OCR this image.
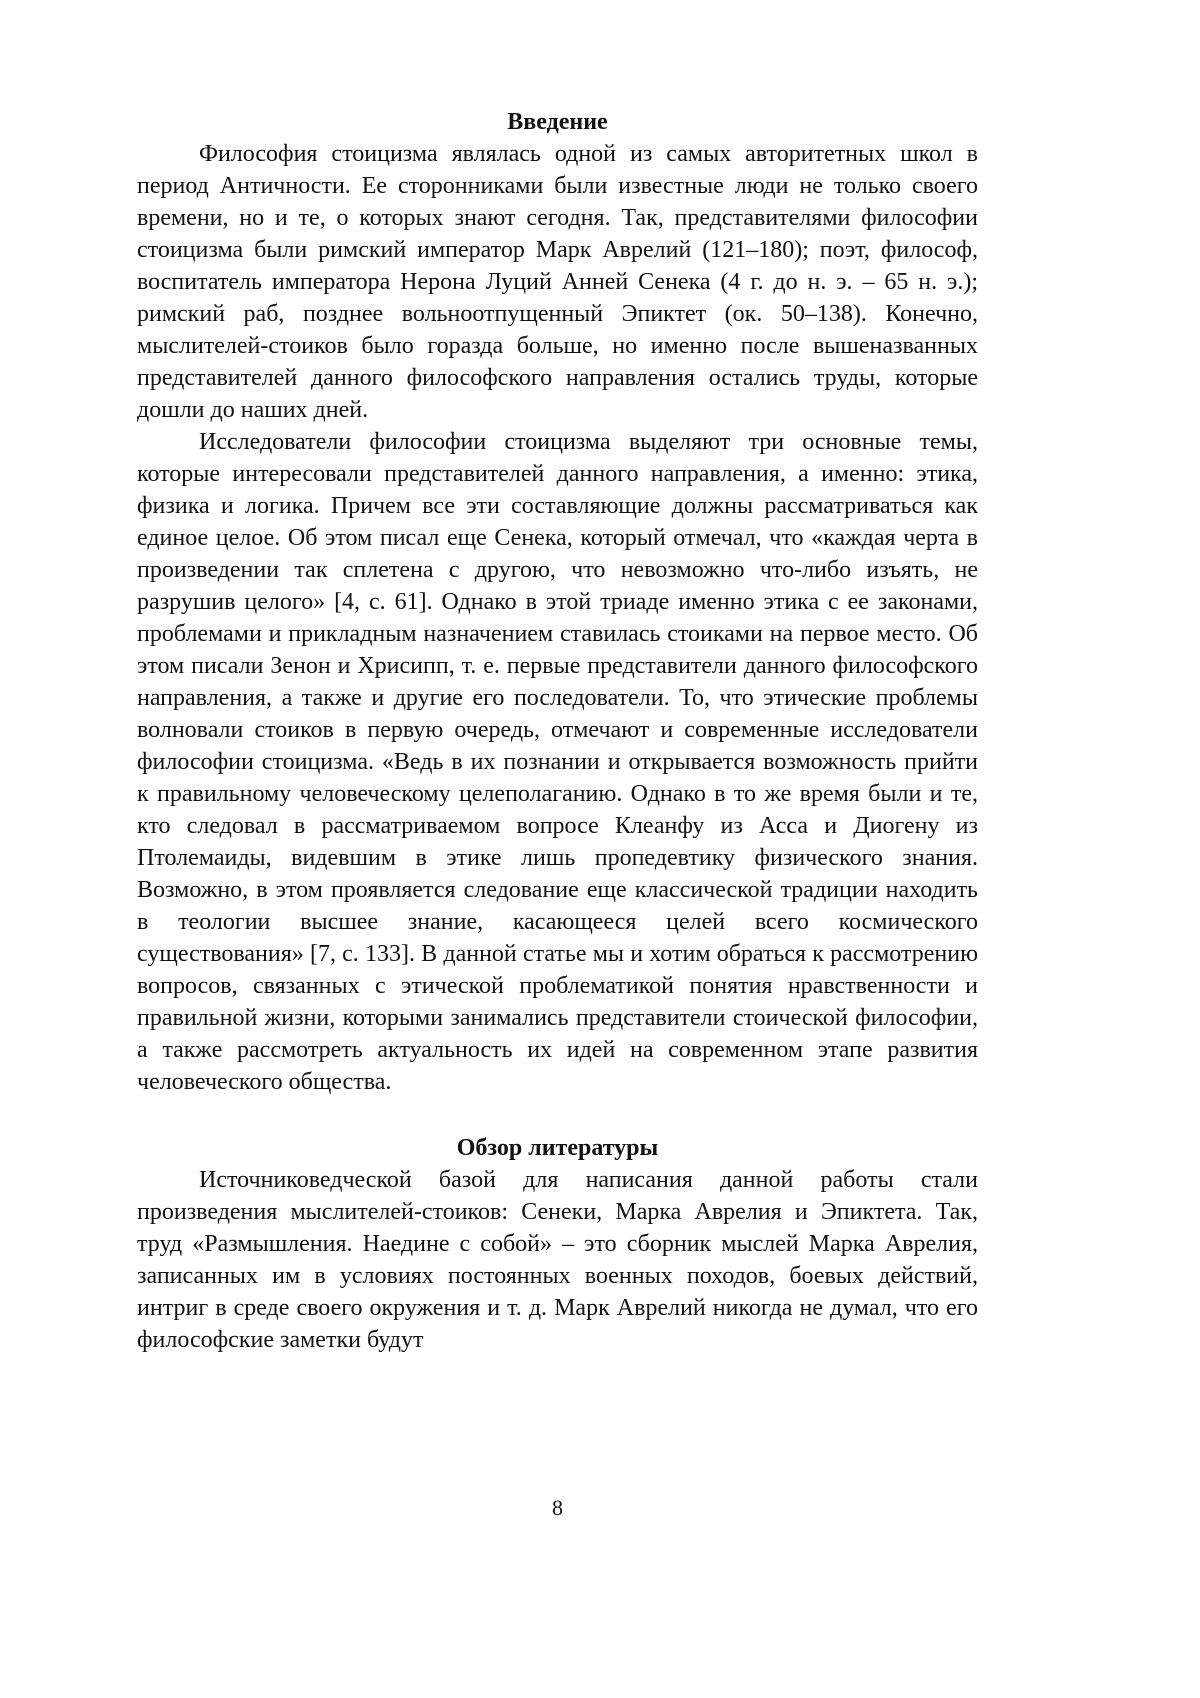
Введение

Философия стоицизма являлась одной из самых авторитетных школ в период Античности. Ее сторонниками были известные люди не только своего времени, но и те, о которых знают сегодня. Так, представителями философии стоицизма были римский император Марк Аврелий (121–180); поэт, философ, воспитатель императора Нерона Луций Анней Сенека (4 г. до н. э. – 65 н. э.); римский раб, позднее вольноотпущенный Эпиктет (ок. 50–138). Конечно, мыслителей-стоиков было горазда больше, но именно после вышеназванных представителей данного философского направления остались труды, которые дошли до наших дней.

Исследователи философии стоицизма выделяют три основные темы, которые интересовали представителей данного направления, а именно: этика, физика и логика. Причем все эти составляющие должны рассматриваться как единое целое. Об этом писал еще Сенека, который отмечал, что «каждая черта в произведении так сплетена с другою, что невозможно что-либо изъять, не разрушив целого» [4, с. 61]. Однако в этой триаде именно этика с ее законами, проблемами и прикладным назначением ставилась стоиками на первое место. Об этом писали Зенон и Хрисипп, т. е. первые представители данного философского направления, а также и другие его последователи. То, что этические проблемы волновали стоиков в первую очередь, отмечают и современные исследователи философии стоицизма. «Ведь в их познании и открывается возможность прийти к правильному человеческому целеполаганию. Однако в то же время были и те, кто следовал в рассматриваемом вопросе Клеанфу из Асса и Диогену из Птолемаиды, видевшим в этике лишь пропедевтику физического знания. Возможно, в этом проявляется следование еще классической традиции находить в теологии высшее знание, касающееся целей всего космического существования» [7, с. 133]. В данной статье мы и хотим обраться к рассмотрению вопросов, связанных с этической проблематикой понятия нравственности и правильной жизни, которыми занимались представители стоической философии, а также рассмотреть актуальность их идей на современном этапе развития человеческого общества.

Обзор литературы

Источниковедческой базой для написания данной работы стали произведения мыслителей-стоиков: Сенеки, Марка Аврелия и Эпиктета. Так, труд «Размышления. Наедине с собой» – это сборник мыслей Марка Аврелия, записанных им в условиях постоянных военных походов, боевых действий, интриг в среде своего окружения и т. д. Марк Аврелий никогда не думал, что его философские заметки будут

8
